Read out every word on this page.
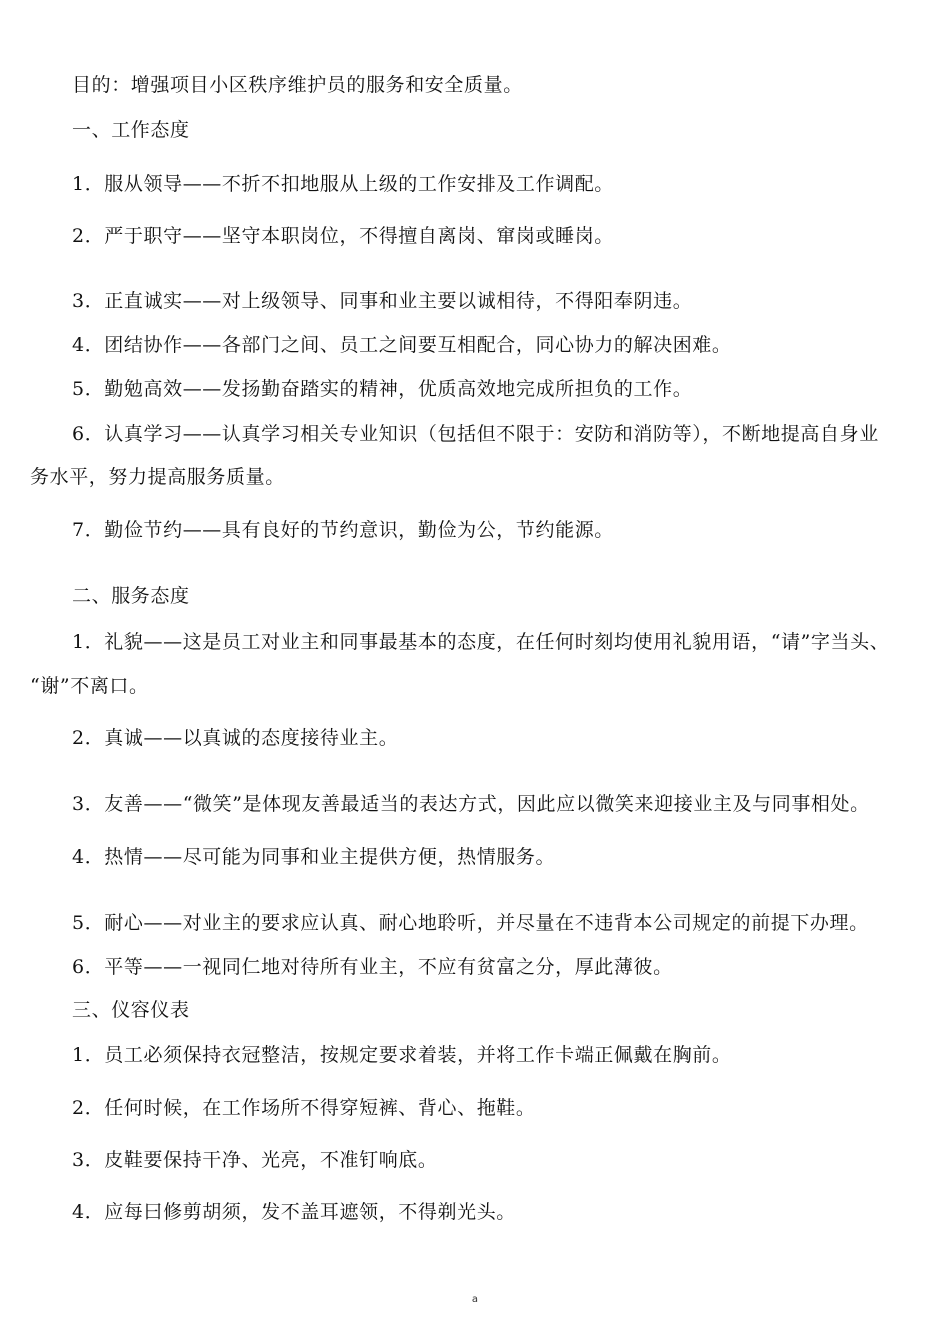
目的：增强项目小区秩序维护员的服务和安全质量。
一、工作态度
1．服从领导——不折不扣地服从上级的工作安排及工作调配。
2．严于职守——坚守本职岗位，不得擅自离岗、窜岗或睡岗。
3．正直诚实——对上级领导、同事和业主要以诚相待，不得阳奉阴违。
4．团结协作——各部门之间、员工之间要互相配合，同心协力的解决困难。
5．勤勉高效——发扬勤奋踏实的精神，优质高效地完成所担负的工作。
6．认真学习——认真学习相关专业知识（包括但不限于：安防和消防等），不断地提高自身业
务水平，努力提高服务质量。
7．勤俭节约——具有良好的节约意识，勤俭为公，节约能源。
二、服务态度
1．礼貌——这是员工对业主和同事最基本的态度，在任何时刻均使用礼貌用语，“请”字当头、
“谢”不离口。
2．真诚——以真诚的态度接待业主。
3．友善——“微笑”是体现友善最适当的表达方式，因此应以微笑来迎接业主及与同事相处。
4．热情——尽可能为同事和业主提供方便，热情服务。
5．耐心——对业主的要求应认真、耐心地聆听，并尽量在不违背本公司规定的前提下办理。
6．平等——一视同仁地对待所有业主，不应有贫富之分，厚此薄彼。
三、仪容仪表
1．员工必须保持衣冠整洁，按规定要求着装，并将工作卡端正佩戴在胸前。
2．任何时候，在工作场所不得穿短裤、背心、拖鞋。
3．皮鞋要保持干净、光亮，不准钉响底。
4．应每曰修剪胡须，发不盖耳遮领，不得剃光头。
a
